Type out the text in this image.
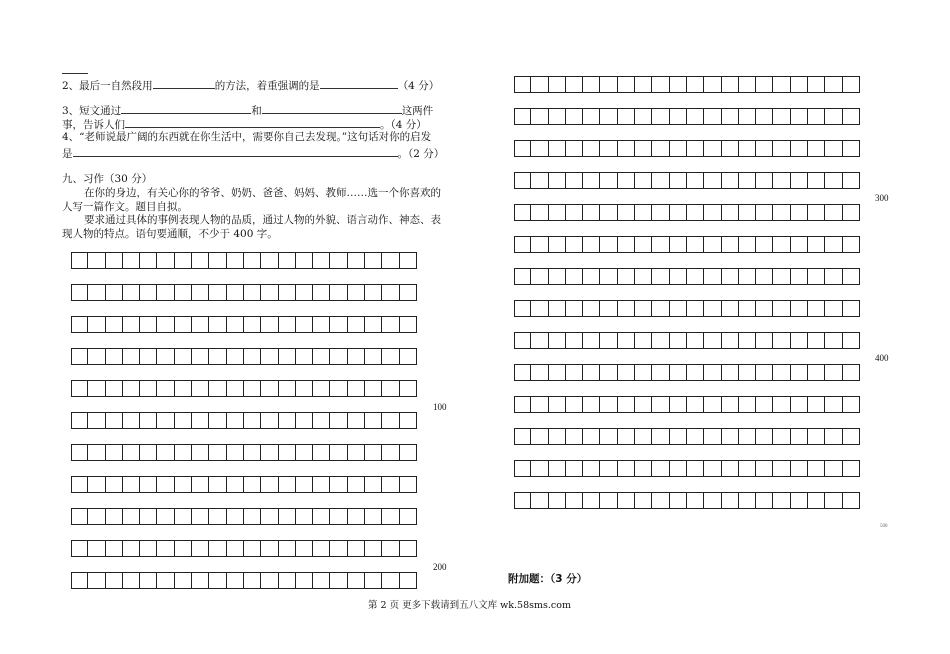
2、最后一自然段用	的方法，着重强调的是	（4 分）
3、短文通过	和	这两件
事，告诉人们	。（4 分）
4、“老师说最广阔的东西就在你生活中，需要你自己去发现。”这句话对你的启发
是	。（2 分）
九、习作（30 分）
在你的身边，有关心你的爷爷、奶奶、爸爸、妈妈、教师……选一个你喜欢的
人写一篇作文。题目自拟。
要求通过具体的事例表现人物的品质，通过人物的外貌、语言动作、神态、表
现人物的特点。语句要通顺，不少于 400 字。
100
200
300
400
500
附加题：（3 分）
第 2 页 更多下载请到五八文库 wk.58sms.com
